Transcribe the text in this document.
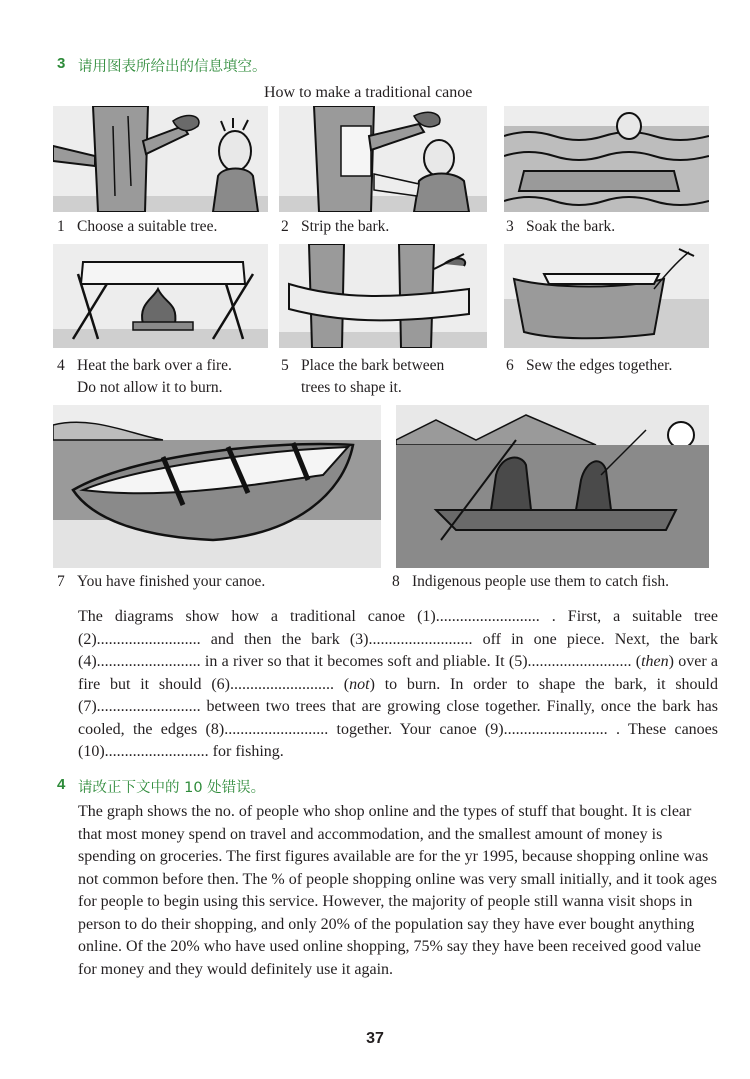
3 请用图表所给出的信息填空。
How to make a traditional canoe
1 Choose a suitable tree.	2 Strip the bark.	3 Soak the bark.
4 Heat the bark over a fire.
Do not allow it to burn.
5 Place the bark between
trees to shape it.
6 Sew the edges together.
7 You have finished your canoe.	8 Indigenous people use them to catch fish.
The diagrams show how a traditional canoe (1).......................... . First, a suitable tree (2).......................... and then the bark (3).......................... off in one piece. Next, the bark (4).......................... in a river so that it becomes soft and pliable. It (5).......................... (then) over a fire but it should (6).......................... (not) to burn. In order to shape the bark, it should (7).......................... between two trees that are growing close together. Finally, once the bark has cooled, the edges (8).......................... together. Your canoe (9).......................... . These canoes (10).......................... for fishing.
4 请改正下文中的 10 处错误。
The graph shows the no. of people who shop online and the types of stuff that bought. It is clear that most money spend on travel and accommodation, and the smallest amount of money is spending on groceries. The first figures available are for the yr 1995, because shopping online was not common before then. The % of people shopping online was very small initially, and it took ages for people to begin using this service. However, the majority of people still wanna visit shops in person to do their shopping, and only 20% of the population say they have ever bought anything online. Of the 20% who have used online shopping, 75% say they have been received good value for money and they would definitely use it again.
37
